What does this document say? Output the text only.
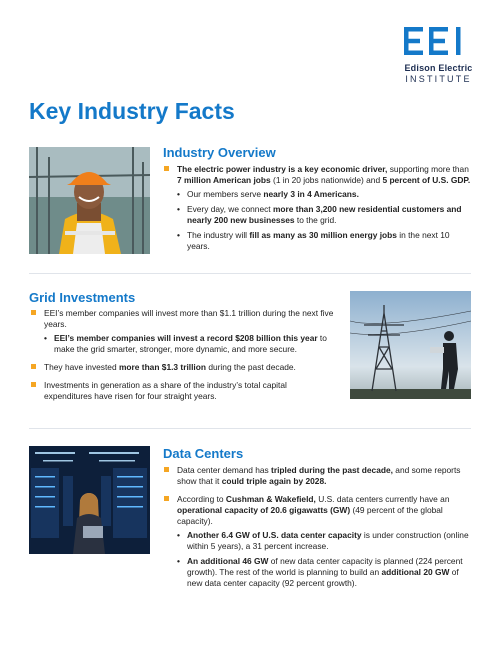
Edison Electric
INSTITUTE
Key Industry Facts
Industry Overview
The electric power industry is a key economic driver, supporting more than 7 million American jobs (1 in 20 jobs nationwide) and 5 percent of U.S. GDP.
• Our members serve nearly 3 in 4 Americans.
• Every day, we connect more than 3,200 new residential customers and nearly 200 new businesses to the grid.
• The industry will fill as many as 30 million energy jobs in the next 10 years.
Grid Investments
EEI’s member companies will invest more than $1.1 trillion during the next five years.
• EEI’s member companies will invest a record $208 billion this year to make the grid smarter, stronger, more dynamic, and more secure.
They have invested more than $1.3 trillion during the past decade.
Investments in generation as a share of the industry’s total capital expenditures have risen for four straight years.
Data Centers
Data center demand has tripled during the past decade, and some reports show that it could triple again by 2028.
According to Cushman & Wakefield, U.S. data centers currently have an operational capacity of 20.6 gigawatts (GW) (49 percent of the global capacity).
• Another 6.4 GW of U.S. data center capacity is under construction (online within 5 years), a 31 percent increase.
• An additional 46 GW of new data center capacity is planned (224 percent growth). The rest of the world is planning to build an additional 20 GW of new data center capacity (92 percent growth).
